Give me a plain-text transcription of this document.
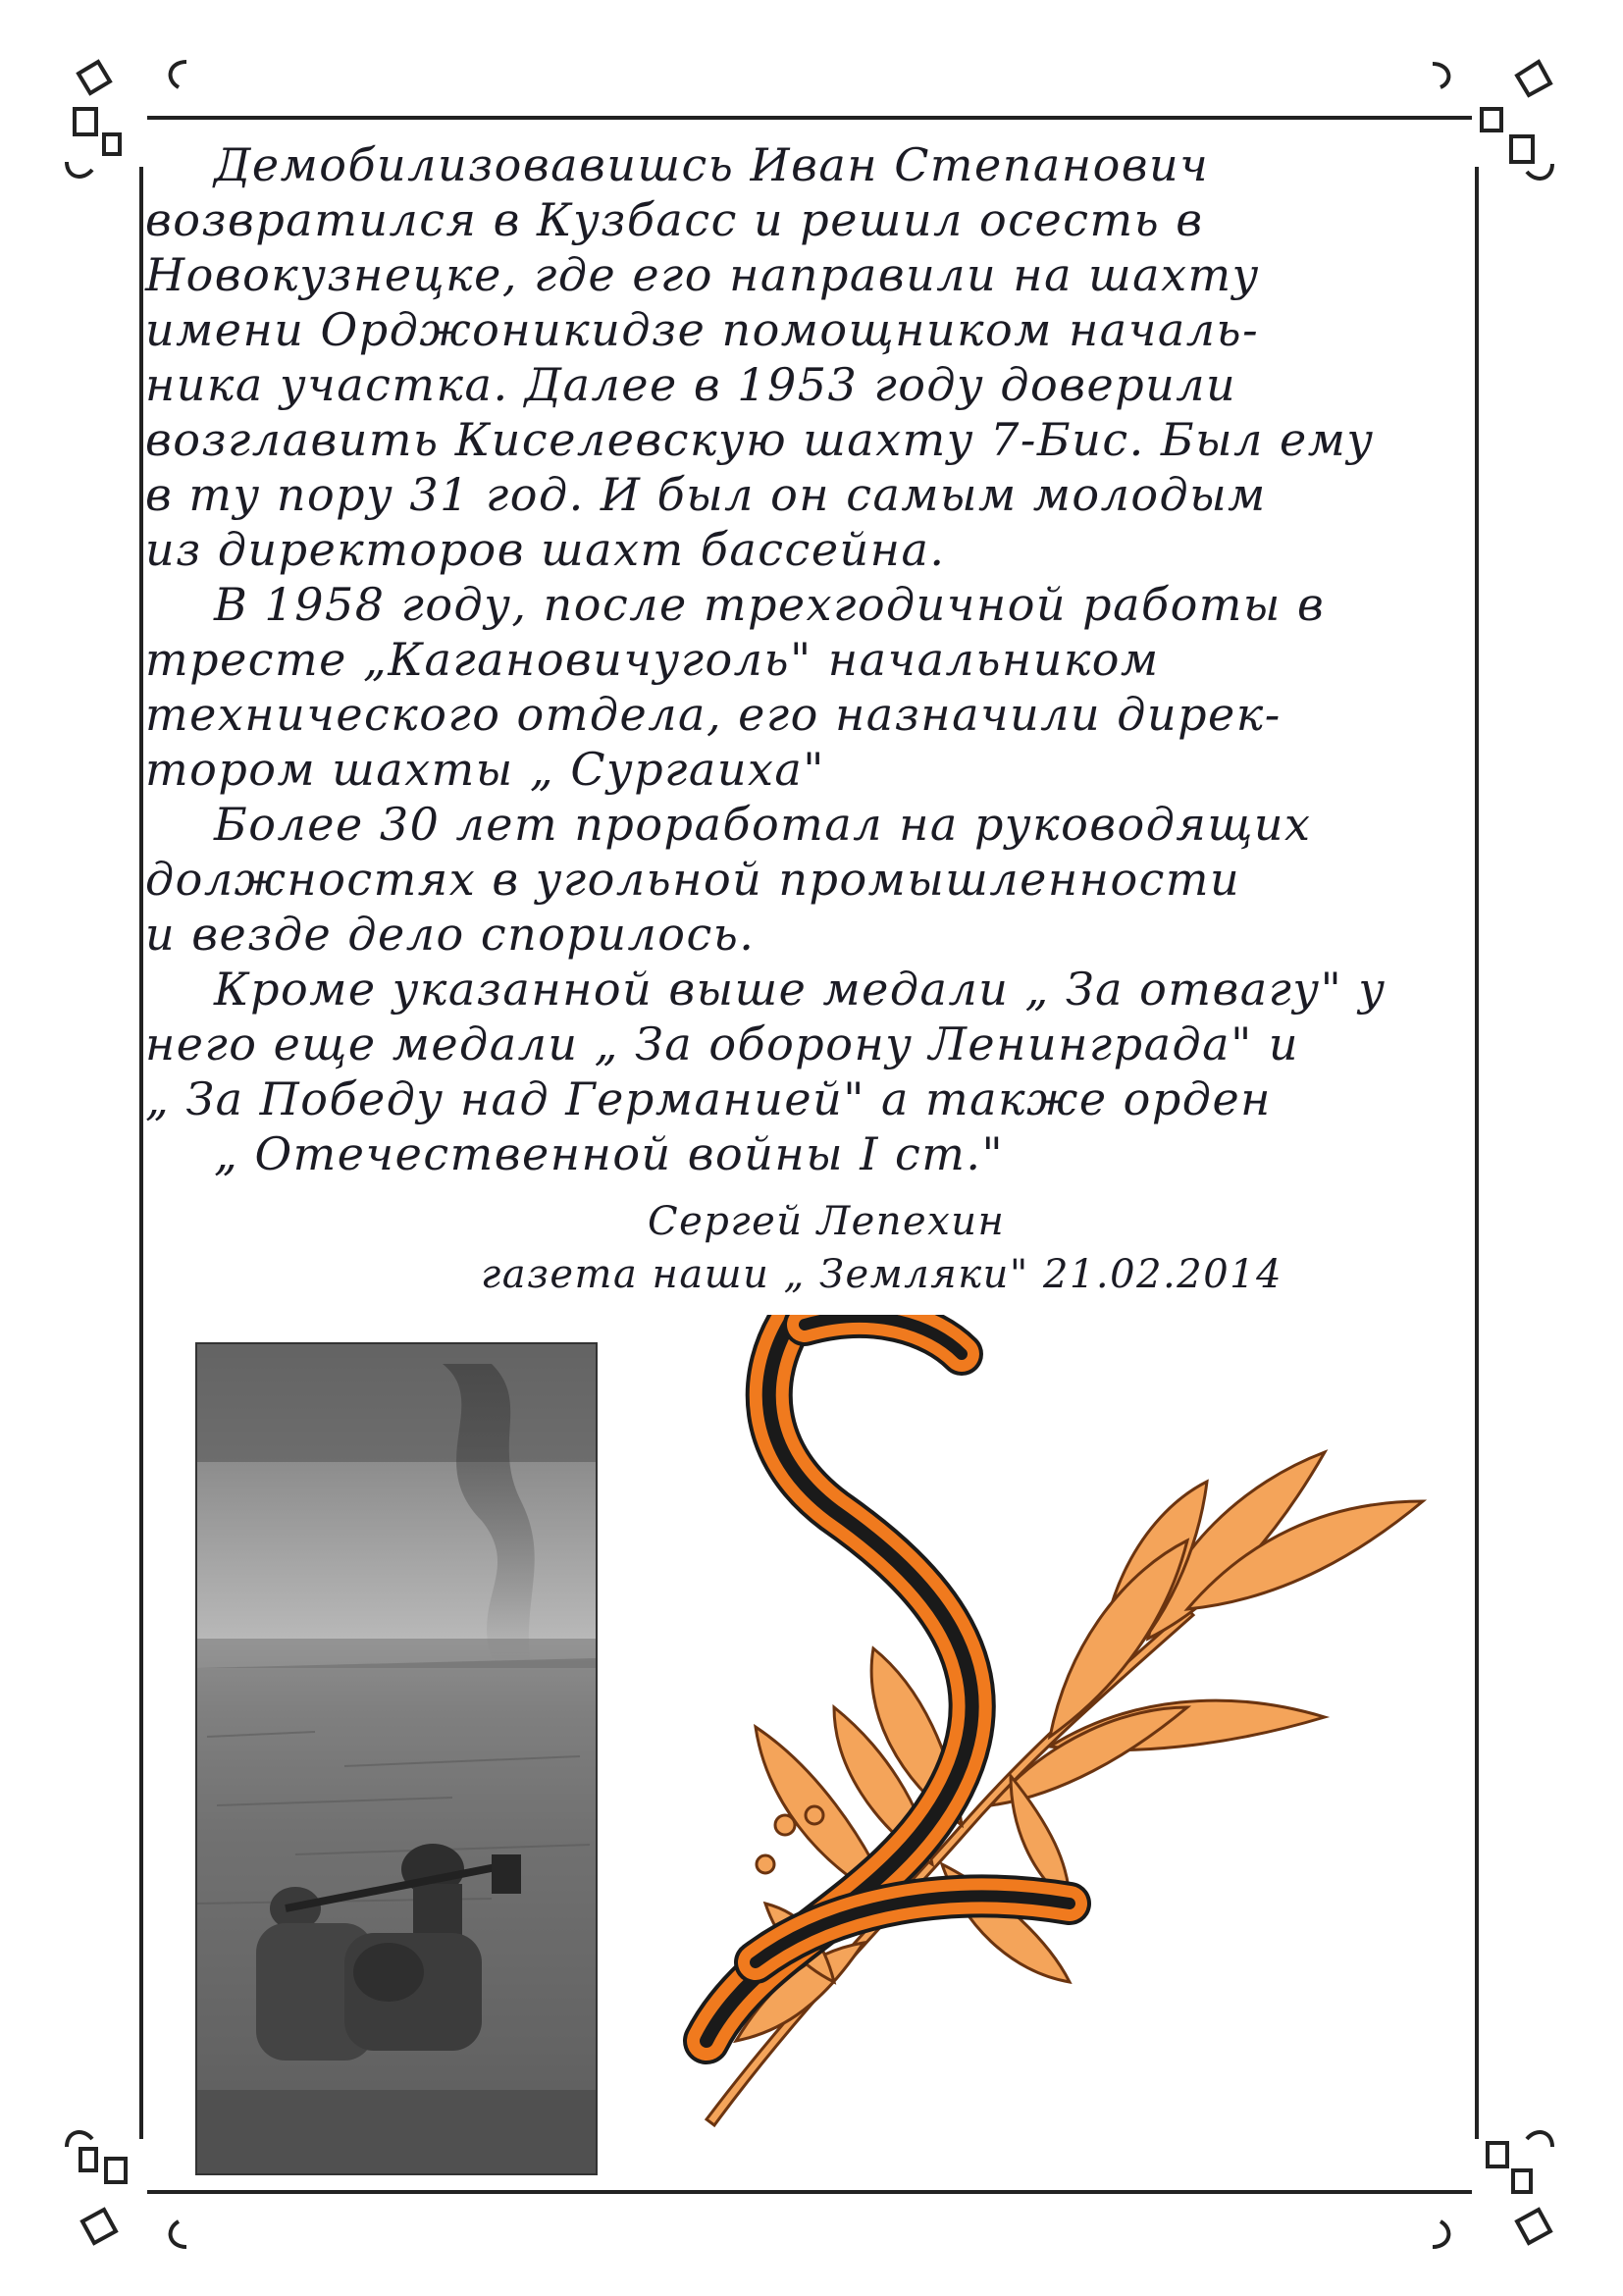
Демобилизовавишсь Иван Степанович
возвратился в Кузбасс и решил осесть в
Новокузнецке, где его направили на шахту
имени Орджоникидзе помощником началь-
ника участка. Далее в 1953 году доверили
возглавить Киселевскую шахту 7-Бис. Был ему
в ту пору 31 год. И был он самым молодым
из директоров шахт бассейна.
В 1958 году, после трехгодичной работы в
тресте „Кагановичуголь" начальником
технического отдела, его назначили дирек-
тором шахты „ Сургаиха"
Более 30 лет проработал на руководящих
должностях в угольной промышленности
и везде дело спорилось.
Кроме указанной выше медали „ За отвагу" у
него еще медали „ За оборону Ленинграда" и
„ За Победу над Германией" а также орден
„ Отечественной войны I ст."
Сергей Лепехин
газета наши „ Земляки" 21.02.2014
